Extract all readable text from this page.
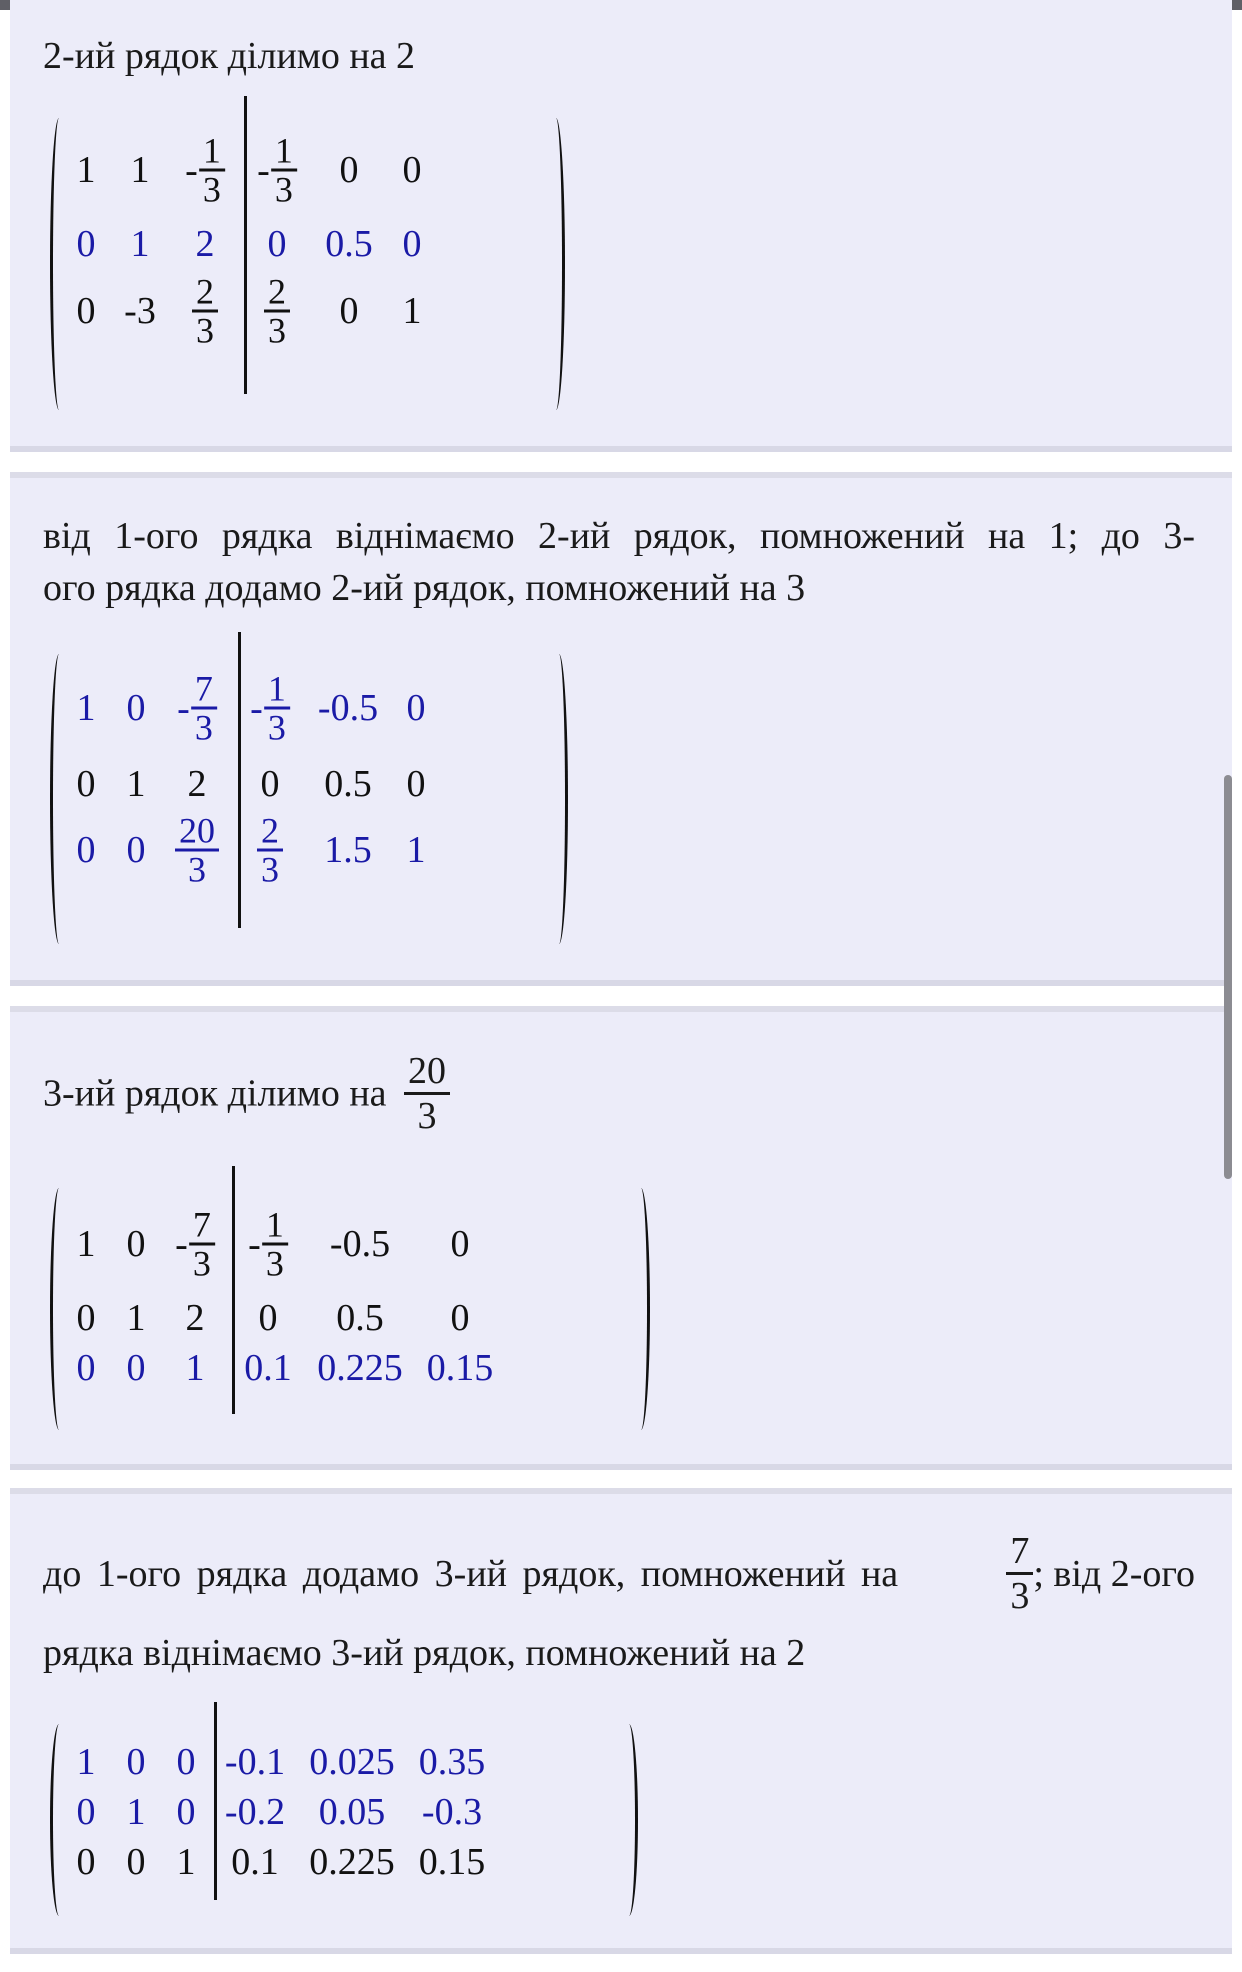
2-ий рядок ділимо на 2
1 $1 - \frac{1}{3} - \frac{1}{3} 0$ 0
0 1 2 0 0.5 0
0 $-3 \frac{2}{3} \frac{2}{3} 0$ 1
від 1-ого рядка віднімаємо 2-ий рядок, помножений на 1; до 3-
ого рядка додамо 2-ий рядок, помножений на 3
1 $0 - \frac{7}{3} - \frac{1}{3} -0.5$ 0
0 1 2 0 0.5 0
0 $0 \frac{20}{3} \frac{2}{3} 1.5$ 1
3-ий рядок ділимо на $\frac{20}{3}$
1 $0 - \frac{7}{3} - \frac{1}{3} -0.5$ 0
0 1 2 0 0.5 0
0 0 1 0.1 0.225 0.15
до 1-ого рядка додамо 3-ий рядок, помножений на	$\frac{7}{3}$ ; від 2-ого
рядка віднімаємо 3-ий рядок, помножений на 2
1 0 0 -0.1 0.025 0.35
0 1 0 -0.2 0.05 -0.3
0 0 1 0.1 0.225 0.15
